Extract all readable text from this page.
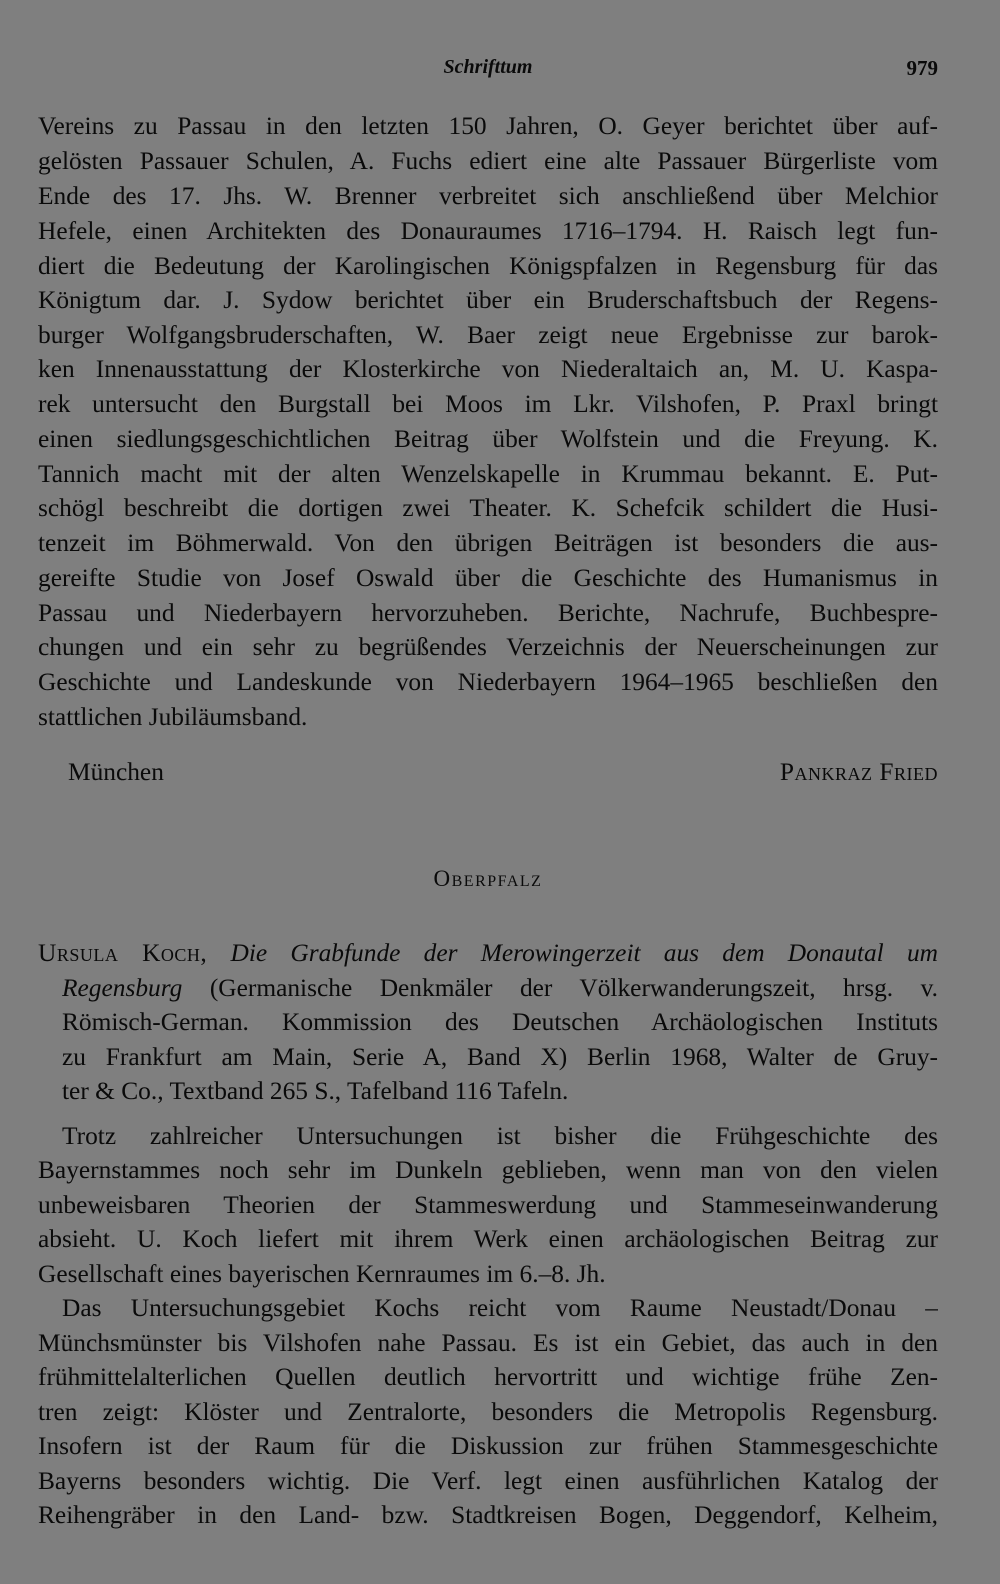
Schrifttum	979
Vereins zu Passau in den letzten 150 Jahren, O. Geyer berichtet über auf-
gelösten Passauer Schulen, A. Fuchs ediert eine alte Passauer Bürgerliste vom
Ende des 17. Jhs. W. Brenner verbreitet sich anschließend über Melchior
Hefele, einen Architekten des Donauraumes 1716–1794. H. Raisch legt fun-
diert die Bedeutung der Karolingischen Königspfalzen in Regensburg für das
Königtum dar. J. Sydow berichtet über ein Bruderschaftsbuch der Regens-
burger Wolfgangsbruderschaften, W. Baer zeigt neue Ergebnisse zur barok-
ken Innenausstattung der Klosterkirche von Niederaltaich an, M. U. Kaspa-
rek untersucht den Burgstall bei Moos im Lkr. Vilshofen, P. Praxl bringt
einen siedlungsgeschichtlichen Beitrag über Wolfstein und die Freyung. K.
Tannich macht mit der alten Wenzelskapelle in Krummau bekannt. E. Put-
schögl beschreibt die dortigen zwei Theater. K. Schefcik schildert die Husi-
tenzeit im Böhmerwald. Von den übrigen Beiträgen ist besonders die aus-
gereifte Studie von Josef Oswald über die Geschichte des Humanismus in
Passau und Niederbayern hervorzuheben. Berichte, Nachrufe, Buchbespre-
chungen und ein sehr zu begrüßendes Verzeichnis der Neuerscheinungen zur
Geschichte und Landeskunde von Niederbayern 1964–1965 beschließen den
stattlichen Jubiläumsband.
München	Pankraz Fried
Oberpfalz
Ursula Koch, Die Grabfunde der Merowingerzeit aus dem Donautal um
Regensburg (Germanische Denkmäler der Völkerwanderungszeit, hrsg. v.
Römisch-German. Kommission des Deutschen Archäologischen Instituts
zu Frankfurt am Main, Serie A, Band X) Berlin 1968, Walter de Gruy-
ter & Co., Textband 265 S., Tafelband 116 Tafeln.
Trotz zahlreicher Untersuchungen ist bisher die Frühgeschichte des
Bayernstammes noch sehr im Dunkeln geblieben, wenn man von den vielen
unbeweisbaren Theorien der Stammeswerdung und Stammeseinwanderung
absieht. U. Koch liefert mit ihrem Werk einen archäologischen Beitrag zur
Gesellschaft eines bayerischen Kernraumes im 6.–8. Jh.
Das Untersuchungsgebiet Kochs reicht vom Raume Neustadt/Donau –
Münchsmünster bis Vilshofen nahe Passau. Es ist ein Gebiet, das auch in den
frühmittelalterlichen Quellen deutlich hervortritt und wichtige frühe Zen-
tren zeigt: Klöster und Zentralorte, besonders die Metropolis Regensburg.
Insofern ist der Raum für die Diskussion zur frühen Stammesgeschichte
Bayerns besonders wichtig. Die Verf. legt einen ausführlichen Katalog der
Reihengräber in den Land- bzw. Stadtkreisen Bogen, Deggendorf, Kelheim,
